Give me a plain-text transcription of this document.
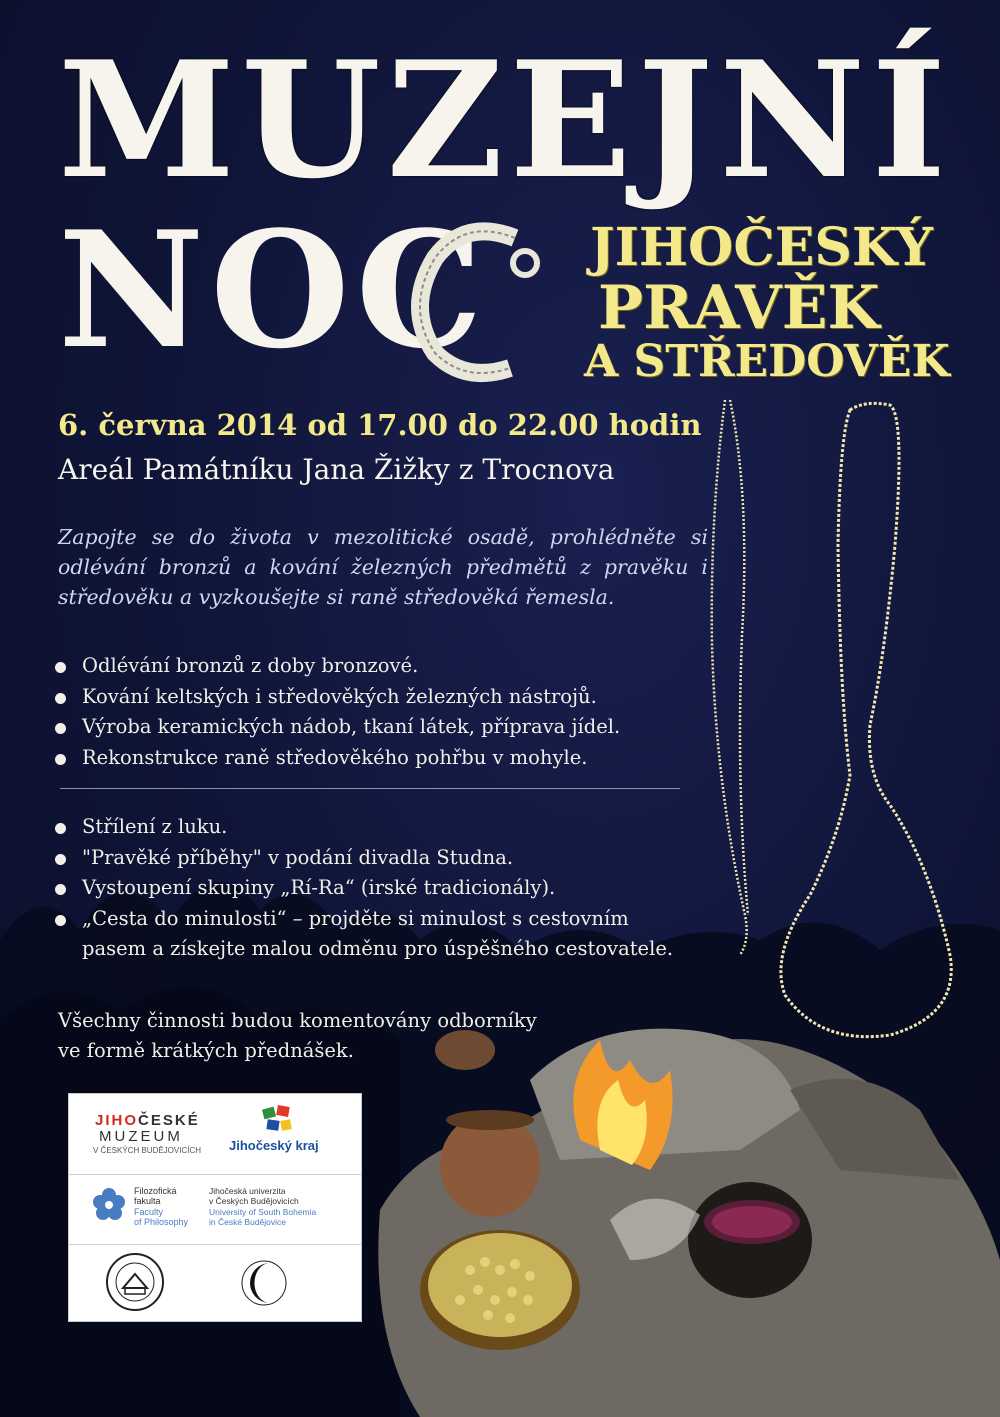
MUZEJNÍ
NOC JIHOČESKÝ

PRAVĚK

A STŘEDOVĚK

6. června 2014 od 17.00 do 22.00 hodin

Areál Památníku Jana Žižky z Trocnova

Zapojte se do života v mezolitické osadě, prohlédněte si odlévání bronzů a kování železných předmětů z pravěku i středověku a vyzkoušejte si raně středověká řemesla.

Odlévání bronzů z doby bronzové.
Kování keltských i středověkých železných nástrojů.
Výroba keramických nádob, tkaní látek, příprava jídel.
Rekonstrukce raně středověkého pohřbu v mohyle.
Střílení z luku.
"Pravěké příběhy" v podání divadla Studna.
Vystoupení skupiny „Rí-Ra“ (irské tradicionály).
„Cesta do minulosti“ – projděte si minulost s cestovním
pasem a získejte malou odměnu pro úspěšného cestovatele.

Všechny činnosti budou komentovány odborníky
ve formě krátkých přednášek.

JIHOČESKÉ
MUZEUM
V ČESKÝCH BUDĚJOVICÍCH Jihočeský kraj
Filozofická
fakulta
Faculty
of Philosophy
Jihočeská univerzita
v Českých Budějovicích
University of South Bohemia
in České Budějovice
